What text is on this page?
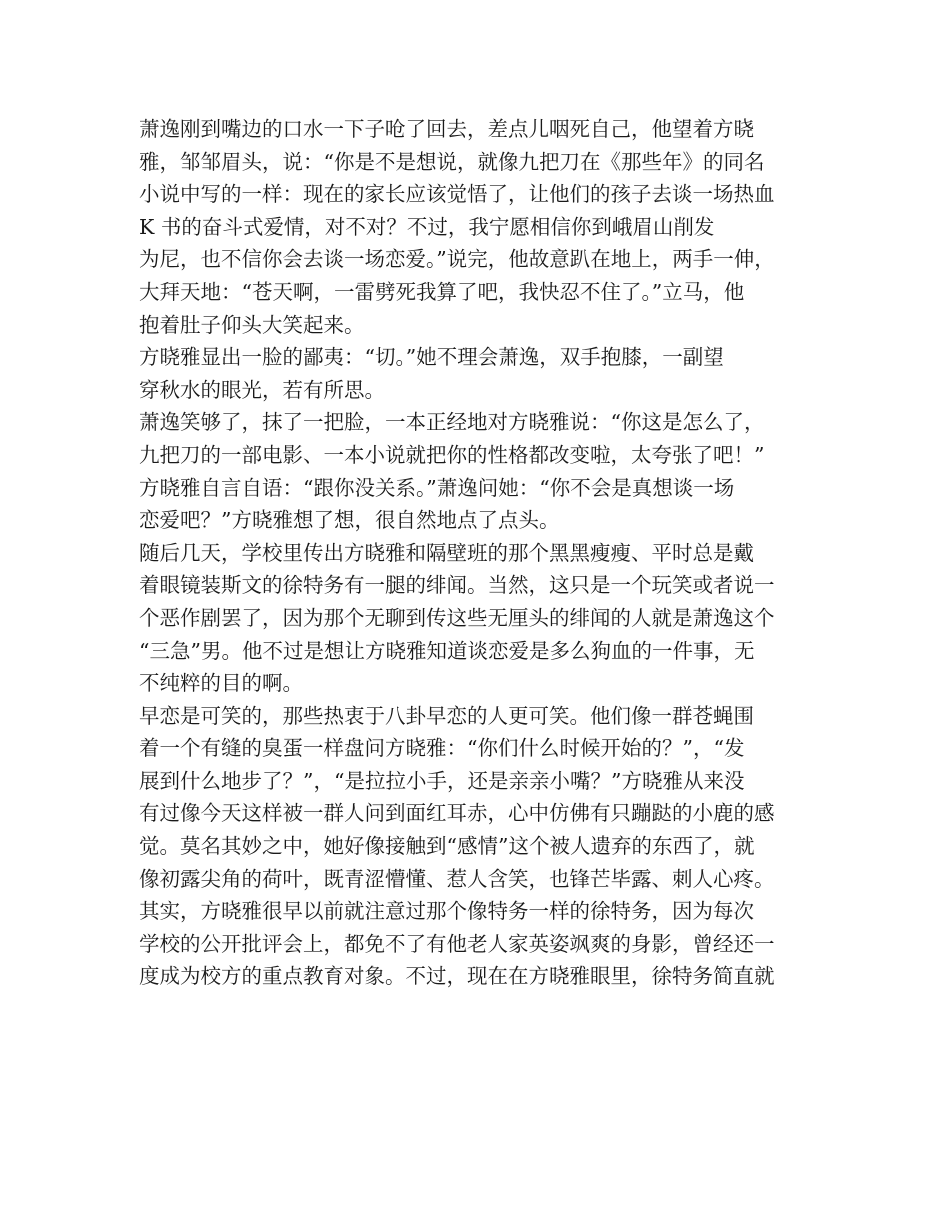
萧逸刚到嘴边的口水一下子呛了回去，差点儿咽死自己，他望着方晓
雅，邹邹眉头，说：“你是不是想说，就像九把刀在《那些年》的同名
小说中写的一样：现在的家长应该觉悟了，让他们的孩子去谈一场热血
K 书的奋斗式爱情，对不对？不过，我宁愿相信你到峨眉山削发
为尼，也不信你会去谈一场恋爱。”说完，他故意趴在地上，两手一伸，
大拜天地：“苍天啊，一雷劈死我算了吧，我快忍不住了。”立马，他
抱着肚子仰头大笑起来。
方晓雅显出一脸的鄙夷：“切。”她不理会萧逸，双手抱膝，一副望
穿秋水的眼光，若有所思。
萧逸笑够了，抹了一把脸，一本正经地对方晓雅说：“你这是怎么了，
九把刀的一部电影、一本小说就把你的性格都改变啦，太夸张了吧！”
方晓雅自言自语：“跟你没关系。”萧逸问她：“你不会是真想谈一场
恋爱吧？”方晓雅想了想，很自然地点了点头。
随后几天，学校里传出方晓雅和隔壁班的那个黑黑瘦瘦、平时总是戴
着眼镜装斯文的徐特务有一腿的绯闻。当然，这只是一个玩笑或者说一
个恶作剧罢了，因为那个无聊到传这些无厘头的绯闻的人就是萧逸这个
“三急”男。他不过是想让方晓雅知道谈恋爱是多么狗血的一件事，无
不纯粹的目的啊。
早恋是可笑的，那些热衷于八卦早恋的人更可笑。他们像一群苍蝇围
着一个有缝的臭蛋一样盘问方晓雅：“你们什么时候开始的？”，“发
展到什么地步了？”，“是拉拉小手，还是亲亲小嘴？”方晓雅从来没
有过像今天这样被一群人问到面红耳赤，心中仿佛有只蹦跶的小鹿的感
觉。莫名其妙之中，她好像接触到“感情”这个被人遗弃的东西了，就
像初露尖角的荷叶，既青涩懵懂、惹人含笑，也锋芒毕露、刺人心疼。
其实，方晓雅很早以前就注意过那个像特务一样的徐特务，因为每次
学校的公开批评会上，都免不了有他老人家英姿飒爽的身影，曾经还一
度成为校方的重点教育对象。不过，现在在方晓雅眼里，徐特务简直就
